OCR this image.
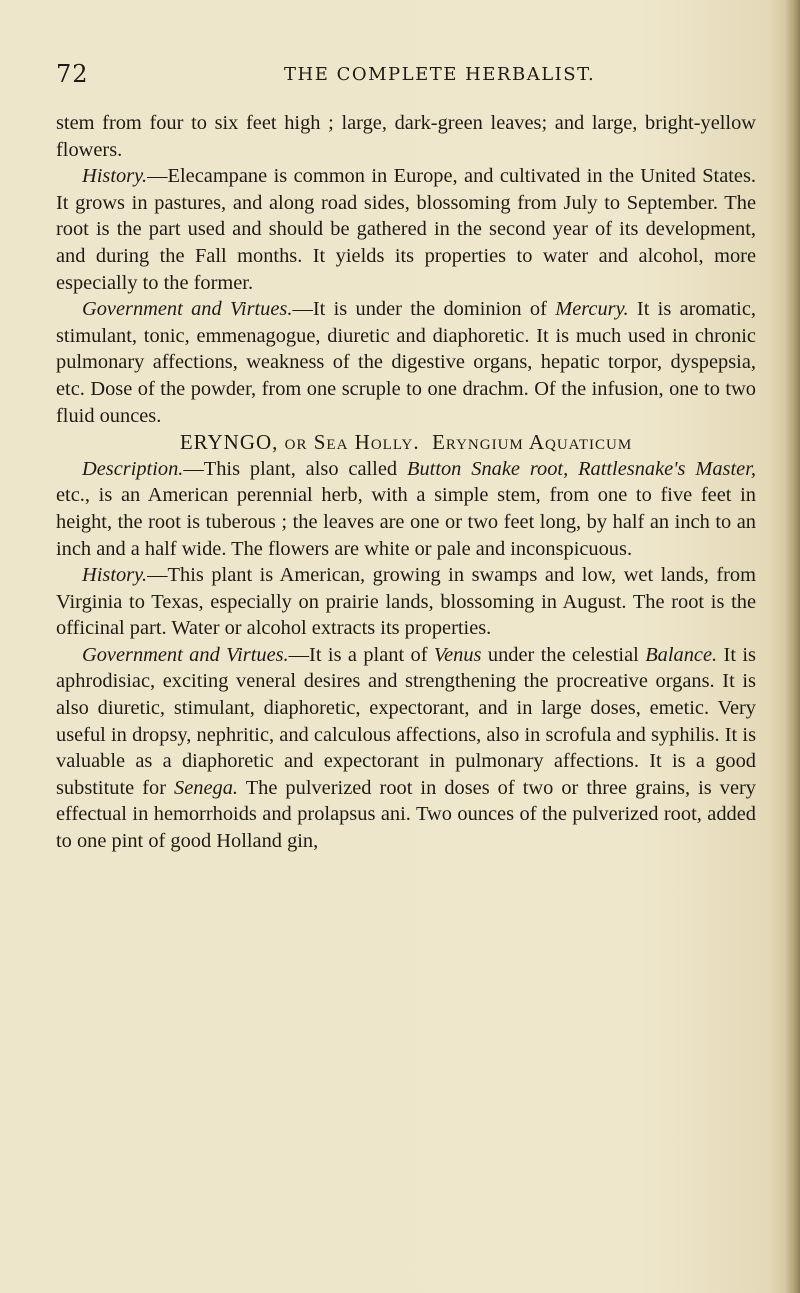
72	THE COMPLETE HERBALIST.

stem from four to six feet high ; large, dark-green leaves; and large, bright-yellow flowers.

History.—Elecampane is common in Europe, and cultivated in the United States. It grows in pastures, and along road sides, blossoming from July to September. The root is the part used and should be gathered in the second year of its development, and during the Fall months. It yields its properties to water and alcohol, more especially to the former.

Government and Virtues.—It is under the dominion of Mercury. It is aromatic, stimulant, tonic, emmenagogue, diuretic and diaphoretic. It is much used in chronic pulmonary affections, weakness of the digestive organs, hepatic torpor, dyspepsia, etc. Dose of the powder, from one scruple to one drachm. Of the infusion, one to two fluid ounces.

ERYNGO, or Sea Holly. Eryngium Aquaticum

Description.—This plant, also called Button Snake root, Rattlesnake's Master, etc., is an American perennial herb, with a simple stem, from one to five feet in height, the root is tuberous ; the leaves are one or two feet long, by half an inch to an inch and a half wide. The flowers are white or pale and inconspicuous.

History.—This plant is American, growing in swamps and low, wet lands, from Virginia to Texas, especially on prairie lands, blossoming in August. The root is the officinal part. Water or alcohol extracts its properties.

Government and Virtues.—It is a plant of Venus under the celestial Balance. It is aphrodisiac, exciting veneral desires and strengthening the procreative organs. It is also diuretic, stimulant, diaphoretic, expectorant, and in large doses, emetic. Very useful in dropsy, nephritic, and calculous affections, also in scrofula and syphilis. It is valuable as a diaphoretic and expectorant in pulmonary affections. It is a good substitute for Senega. The pulverized root in doses of two or three grains, is very effectual in hemorrhoids and prolapsus ani. Two ounces of the pulverized root, added to one pint of good Holland gin,
